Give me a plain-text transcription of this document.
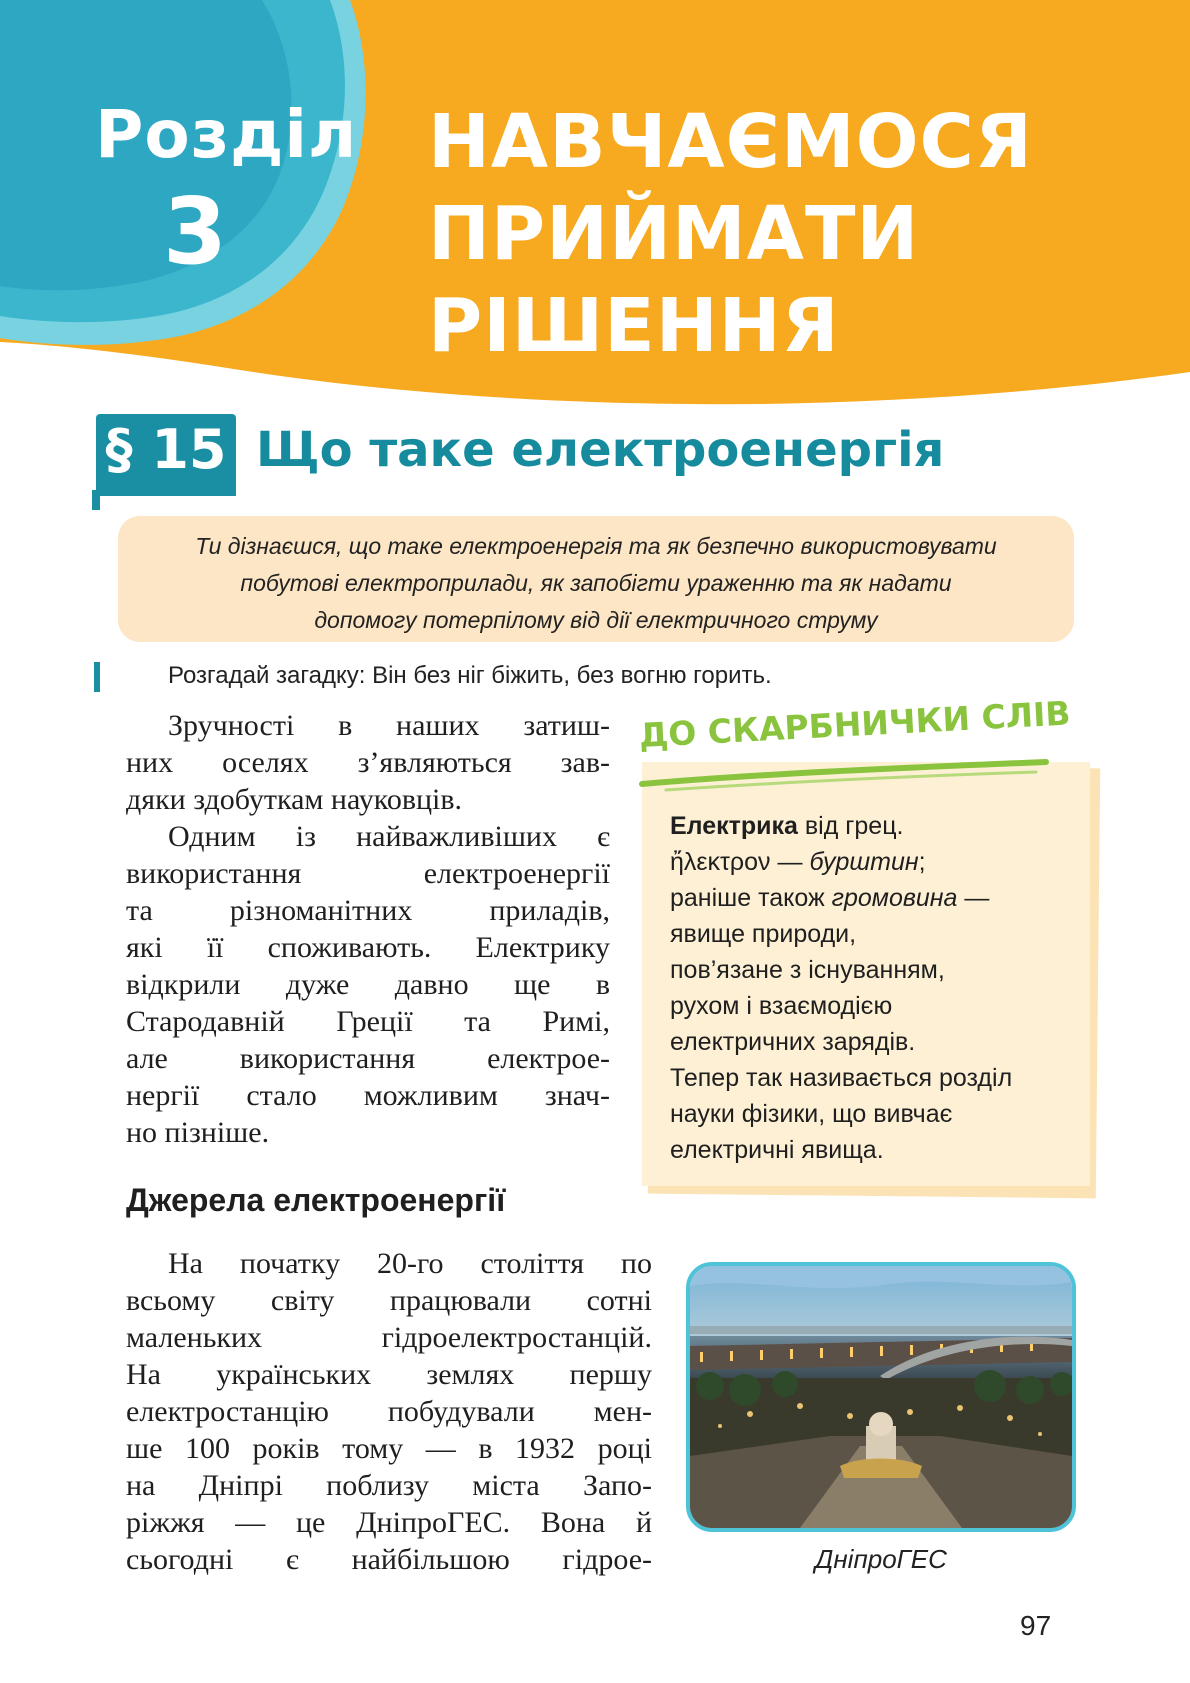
Розділ
3
НАВЧАЄМОСЯ
ПРИЙМАТИ
РІШЕННЯ
§ 15 Що таке електроенергія
Ти дізнаєшся, що таке електроенергія та як безпечно використовувати
побутові електроприлади, як запобігти ураженню та як надати
допомогу потерпілому від дії електричного струму
Розгадай загадку: Він без ніг біжить, без вогню горить.
Зручності в наших затиш-
них оселях з’являються зав-
дяки здобуткам науковців.
Одним із найважливіших є
використання електроенергії
та різноманітних приладів,
які її споживають. Електрику
відкрили дуже давно ще в
Стародавній Греції та Римі,
але використання електрое-
нергії стало можливим знач-
но пізніше.
ДО СКАРБНИЧКИ СЛІВ
Електрика від грец.
ἤλεκτρον — бурштин;
раніше також громовина —
явище природи,
пов’язане з існуванням,
рухом і взаємодією
електричних зарядів.
Тепер так називається розділ
науки фізики, що вивчає
електричні явища.
Джерела електроенергії
На початку 20-го століття по
всьому світу працювали сотні
маленьких гідроелектростанцій.
На українських землях першу
електростанцію побудували мен-
ше 100 років тому — в 1932 році
на Дніпрі поблизу міста Запо-
ріжжя — це ДніпроГЕС. Вона й
сьогодні є найбільшою гідрое-	ДніпроГЕС
97
